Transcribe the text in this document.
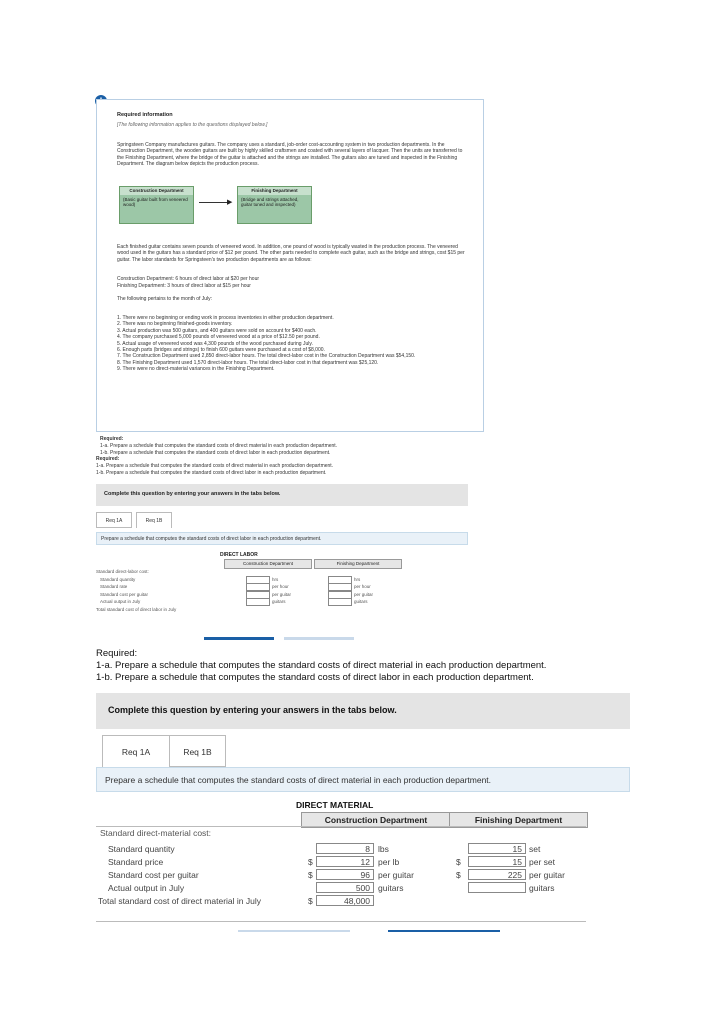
Required information
[The following information applies to the questions displayed below.]
Springsteen Company manufactures guitars. The company uses a standard, job-order cost-accounting system in two production departments. In the Construction Department, the wooden guitars are built by highly skilled craftsmen and coated with several layers of lacquer. Then the units are transferred to the Finishing Department, where the bridge of the guitar is attached and the strings are installed. The guitars also are tuned and inspected in the Finishing Department. The diagram below depicts the production process.
Construction Department
(Basic guitar built from veneered wood)	▶
Finishing Department
(Bridge and strings attached, guitar tuned and inspected)
Each finished guitar contains seven pounds of veneered wood. In addition, one pound of wood is typically wasted in the production process. The veneered wood used in the guitars has a standard price of $12 per pound. The other parts needed to complete each guitar, such as the bridge and strings, cost $15 per guitar. The labor standards for Springsteen's two production departments are as follows:
Construction Department: 6 hours of direct labor at $20 per hour
Finishing Department: 3 hours of direct labor at $15 per hour
The following pertains to the month of July:
1. There were no beginning or ending work in process inventories in either production department.
2. There was no beginning finished-goods inventory.
3. Actual production was 500 guitars, and 400 guitars were sold on account for $400 each.
4. The company purchased 5,000 pounds of veneered wood at a price of $12.50 per pound.
5. Actual usage of veneered wood was 4,300 pounds of the wood purchased during July.
6. Enough parts (bridges and strings) to finish 600 guitars were purchased at a cost of $8,000.
7. The Construction Department used 2,850 direct-labor hours. The total direct-labor cost in the Construction Department was $54,150.
8. The Finishing Department used 1,570 direct-labor hours. The total direct-labor cost in that department was $25,120.
9. There were no direct-material variances in the Finishing Department.
Required:
1-a. Prepare a schedule that computes the standard costs of direct material in each production department.
1-b. Prepare a schedule that computes the standard costs of direct labor in each production department.
Required:
1-a. Prepare a schedule that computes the standard costs of direct material in each production department.
1-b. Prepare a schedule that computes the standard costs of direct labor in each production department.
Complete this question by entering your answers in the tabs below.
Req 1A	Req 1B
Prepare a schedule that computes the standard costs of direct labor in each production department.
DIRECT LABOR
Construction Department	Finishing Department
Standard direct-labor cost:
Standard quantity	hrs	hrs
Standard rate	per hour	per hour
Standard cost per guitar	per guitar	per guitar
Actual output in July	guitars	guitars
Total standard cost of direct labor in July
Required:
1-a. Prepare a schedule that computes the standard costs of direct material in each production department.
1-b. Prepare a schedule that computes the standard costs of direct labor in each production department.
Complete this question by entering your answers in the tabs below.
Req 1A	Req 1B
Prepare a schedule that computes the standard costs of direct material in each production department.
DIRECT MATERIAL
Construction Department	Finishing Department
Standard direct-material cost:
Standard quantity	8 lbs	15 set
Standard price	$	12 per lb	$	15 per set
Standard cost per guitar	$	96 per guitar	$	225 per guitar
Actual output in July	500 guitars	guitars
Total standard cost of direct material in July	$	48,000
